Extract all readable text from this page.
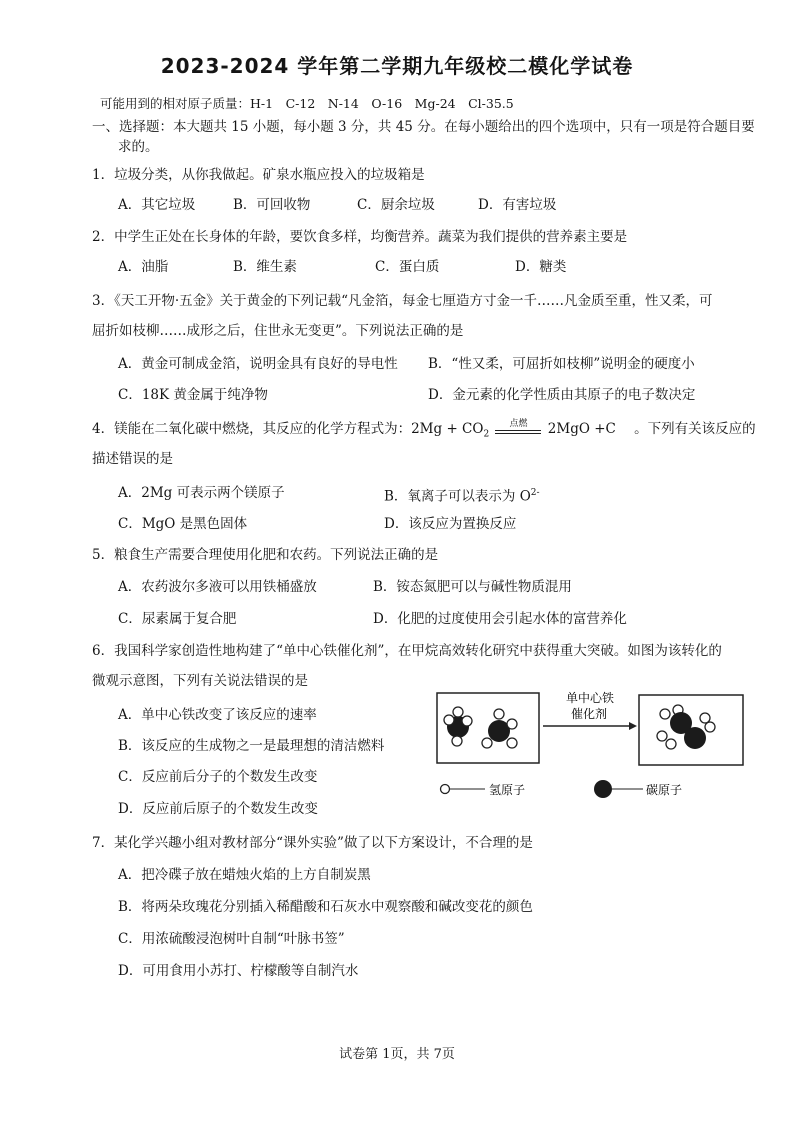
2023-2024 学年第二学期九年级校二模化学试卷
可能用到的相对原子质量：H-1　C-12　N-14　O-16　Mg-24　Cl-35.5
一、选择题：本大题共 15 小题，每小题 3 分，共 45 分。在每小题给出的四个选项中，只有一项是符合题目要
求的。
1．垃圾分类，从你我做起。矿泉水瓶应投入的垃圾箱是
A．其它垃圾	B．可回收物	C．厨余垃圾	D．有害垃圾
2．中学生正处在长身体的年龄，要饮食多样，均衡营养。蔬菜为我们提供的营养素主要是
A．油脂	B．维生素	C．蛋白质	D．糖类
3．《天工开物·五金》关于黄金的下列记载“凡金箔，每金七厘造方寸金一千……凡金质至重，性又柔，可
屈折如枝柳……成形之后，住世永无变更”。下列说法正确的是
A．黄金可制成金箔，说明金具有良好的导电性 B．“性又柔，可屈折如枝柳”说明金的硬度小
C．18K 黄金属于纯净物	D．金元素的化学性质由其原子的电子数决定
4．镁能在二氧化碳中燃烧，其反应的化学方程式为：$2Mg + CO_2$
点燃	2MgO +C 。下列有关该反应的
描述错误的是
A．2Mg 可表示两个镁原子	B．氧离子可以表示为 $O^{2-}$
C．MgO 是黑色固体	D．该反应为置换反应
5．粮食生产需要合理使用化肥和农药。下列说法正确的是
A．农药波尔多液可以用铁桶盛放	B．铵态氮肥可以与碱性物质混用
C．尿素属于复合肥	D．化肥的过度使用会引起水体的富营养化
6．我国科学家创造性地构建了“单中心铁催化剂”，在甲烷高效转化研究中获得重大突破。如图为该转化的
微观示意图，下列有关说法错误的是
A．单中心铁改变了该反应的速率
B．该反应的生成物之一是最理想的清洁燃料
C．反应前后分子的个数发生改变
D．反应前后原子的个数发生改变
单中心铁
催化剂
氢原子	碳原子
7．某化学兴趣小组对教材部分“课外实验”做了以下方案设计，不合理的是
A．把冷碟子放在蜡烛火焰的上方自制炭黑
B．将两朵玫瑰花分别插入稀醋酸和石灰水中观察酸和碱改变花的颜色
C．用浓硫酸浸泡树叶自制“叶脉书签”
D．可用食用小苏打、柠檬酸等自制汽水
试卷第 1页，共 7页
